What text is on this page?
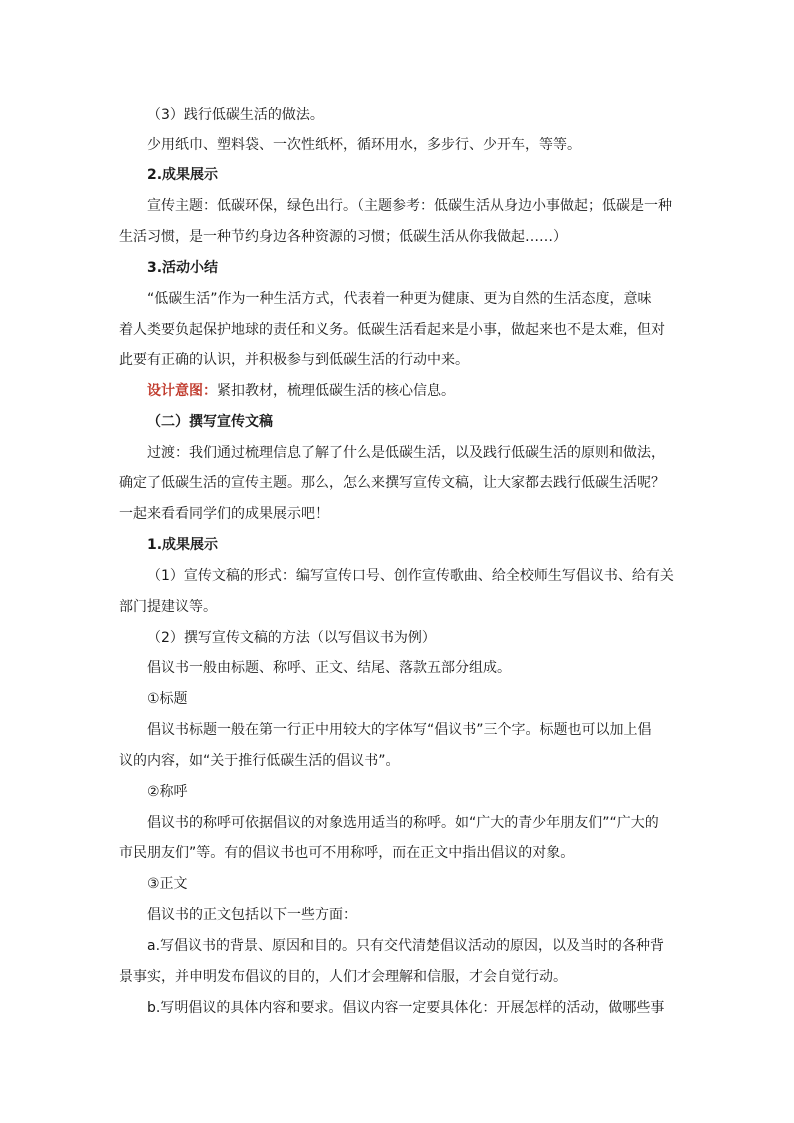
（3）践行低碳生活的做法。
少用纸巾、塑料袋、一次性纸杯，循环用水，多步行、少开车，等等。
2.成果展示
宣传主题：低碳环保，绿色出行。（主题参考：低碳生活从身边小事做起；低碳是一种
生活习惯，是一种节约身边各种资源的习惯；低碳生活从你我做起……）
3.活动小结
“低碳生活”作为一种生活方式，代表着一种更为健康、更为自然的生活态度，意味
着人类要负起保护地球的责任和义务。低碳生活看起来是小事，做起来也不是太难，但对
此要有正确的认识，并积极参与到低碳生活的行动中来。
设计意图：紧扣教材，梳理低碳生活的核心信息。
（二）撰写宣传文稿
过渡：我们通过梳理信息了解了什么是低碳生活，以及践行低碳生活的原则和做法，
确定了低碳生活的宣传主题。那么，怎么来撰写宣传文稿，让大家都去践行低碳生活呢？
一起来看看同学们的成果展示吧！
1.成果展示
（1）宣传文稿的形式：编写宣传口号、创作宣传歌曲、给全校师生写倡议书、给有关
部门提建议等。
（2）撰写宣传文稿的方法（以写倡议书为例）
倡议书一般由标题、称呼、正文、结尾、落款五部分组成。
①标题
倡议书标题一般在第一行正中用较大的字体写“倡议书”三个字。标题也可以加上倡
议的内容，如“关于推行低碳生活的倡议书”。
②称呼
倡议书的称呼可依据倡议的对象选用适当的称呼。如“广大的青少年朋友们”“广大的
市民朋友们”等。有的倡议书也可不用称呼，而在正文中指出倡议的对象。
③正文
倡议书的正文包括以下一些方面：
a.写倡议书的背景、原因和目的。只有交代清楚倡议活动的原因，以及当时的各种背
景事实，并申明发布倡议的目的，人们才会理解和信服，才会自觉行动。
b.写明倡议的具体内容和要求。倡议内容一定要具体化：开展怎样的活动，做哪些事
